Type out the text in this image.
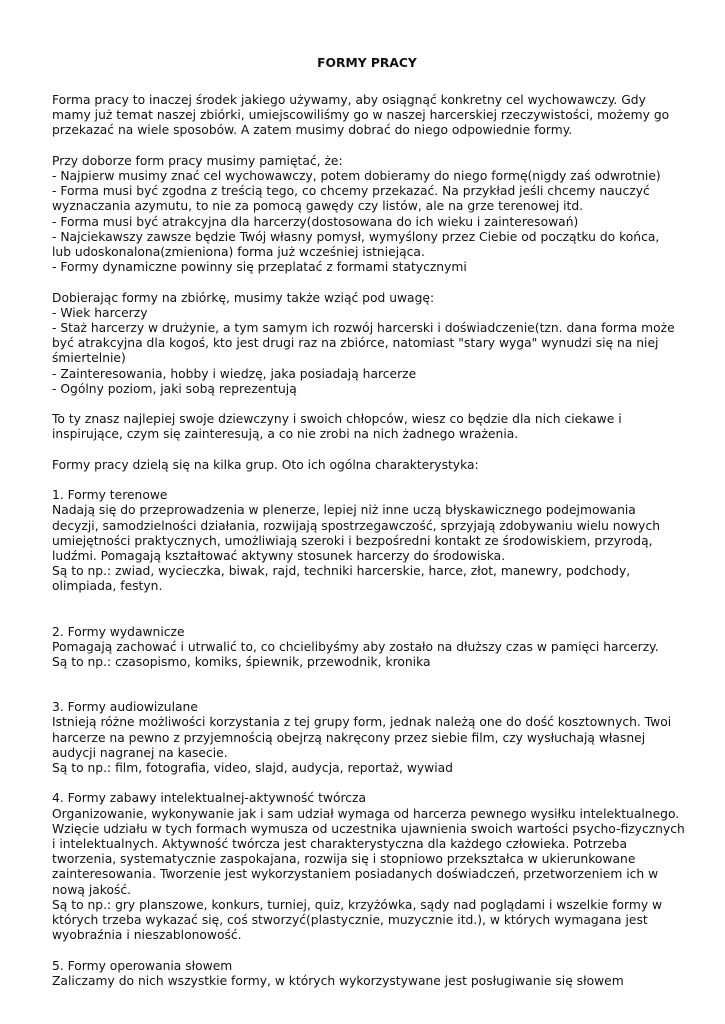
FORMY PRACY
Forma pracy to inaczej środek jakiego używamy, aby osiągnąć konkretny cel wychowawczy. Gdy
mamy już temat naszej zbiórki, umiejscowiliśmy go w naszej harcerskiej rzeczywistości, możemy go
przekazać na wiele sposobów. A zatem musimy dobrać do niego odpowiednie formy.
Przy doborze form pracy musimy pamiętać, że:
- Najpierw musimy znać cel wychowawczy, potem dobieramy do niego formę(nigdy zaś odwrotnie)
- Forma musi być zgodna z treścią tego, co chcemy przekazać. Na przykład jeśli chcemy nauczyć
wyznaczania azymutu, to nie za pomocą gawędy czy listów, ale na grze terenowej itd.
- Forma musi być atrakcyjna dla harcerzy(dostosowana do ich wieku i zainteresowań)
- Najciekawszy zawsze będzie Twój własny pomysł, wymyślony przez Ciebie od początku do końca,
lub udoskonalona(zmieniona) forma już wcześniej istniejąca.
- Formy dynamiczne powinny się przeplatać z formami statycznymi
Dobierając formy na zbiórkę, musimy także wziąć pod uwagę:
- Wiek harcerzy
- Staż harcerzy w drużynie, a tym samym ich rozwój harcerski i doświadczenie(tzn. dana forma może
być atrakcyjna dla kogoś, kto jest drugi raz na zbiórce, natomiast "stary wyga" wynudzi się na niej
śmiertelnie)
- Zainteresowania, hobby i wiedzę, jaka posiadają harcerze
- Ogólny poziom, jaki sobą reprezentują
To ty znasz najlepiej swoje dziewczyny i swoich chłopców, wiesz co będzie dla nich ciekawe i
inspirujące, czym się zainteresują, a co nie zrobi na nich żadnego wrażenia.
Formy pracy dzielą się na kilka grup. Oto ich ogólna charakterystyka:
1. Formy terenowe
Nadają się do przeprowadzenia w plenerze, lepiej niż inne uczą błyskawicznego podejmowania
decyzji, samodzielności działania, rozwijają spostrzegawczość, sprzyjają zdobywaniu wielu nowych
umiejętności praktycznych, umożliwiają szeroki i bezpośredni kontakt ze środowiskiem, przyrodą,
ludźmi. Pomagają kształtować aktywny stosunek harcerzy do środowiska.
Są to np.: zwiad, wycieczka, biwak, rajd, techniki harcerskie, harce, złot, manewry, podchody,
olimpiada, festyn.
2. Formy wydawnicze
Pomagają zachować i utrwalić to, co chcielibyśmy aby zostało na dłuższy czas w pamięci harcerzy.
Są to np.: czasopismo, komiks, śpiewnik, przewodnik, kronika
3. Formy audiowizulane
Istnieją różne możliwości korzystania z tej grupy form, jednak należą one do dość kosztownych. Twoi
harcerze na pewno z przyjemnością obejrzą nakręcony przez siebie film, czy wysłuchają własnej
audycji nagranej na kasecie.
Są to np.: film, fotografia, video, slajd, audycja, reportaż, wywiad
4. Formy zabawy intelektualnej-aktywność twórcza
Organizowanie, wykonywanie jak i sam udział wymaga od harcerza pewnego wysiłku intelektualnego.
Wzięcie udziału w tych formach wymusza od uczestnika ujawnienia swoich wartości psycho-fizycznych
i intelektualnych. Aktywność twórcza jest charakterystyczna dla każdego człowieka. Potrzeba
tworzenia, systematycznie zaspokajana, rozwija się i stopniowo przekształca w ukierunkowane
zainteresowania. Tworzenie jest wykorzystaniem posiadanych doświadczeń, przetworzeniem ich w
nową jakość.
Są to np.: gry planszowe, konkurs, turniej, quiz, krzyżówka, sądy nad poglądami i wszelkie formy w
których trzeba wykazać się, coś stworzyć(plastycznie, muzycznie itd.), w których wymagana jest
wyobraźnia i nieszablonowość.
5. Formy operowania słowem
Zaliczamy do nich wszystkie formy, w których wykorzystywane jest posługiwanie się słowem
